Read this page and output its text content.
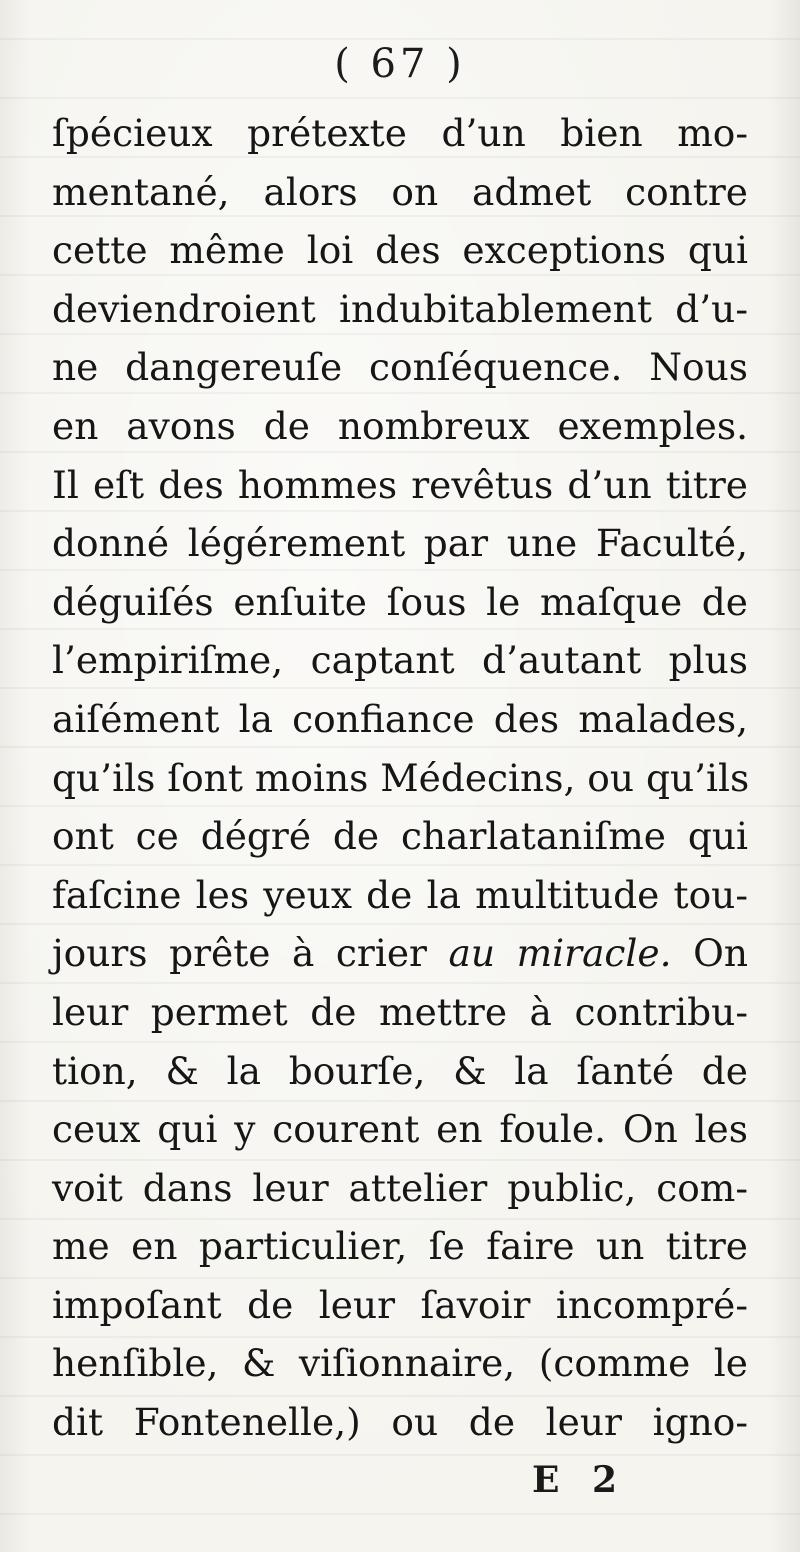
( 67 )
ſpécieux prétexte d’un bien mo-
mentané, alors on admet contre
cette même loi des exceptions qui
deviendroient indubitablement d’u-
ne dangereuſe conſéquence. Nous
en avons de nombreux exemples.
Il eſt des hommes revêtus d’un titre
donné légérement par une Faculté,
déguiſés enſuite ſous le maſque de
l’empiriſme, captant d’autant plus
aiſément la confiance des malades,
qu’ils ſont moins Médecins, ou qu’ils
ont ce dégré de charlataniſme qui
faſcine les yeux de la multitude tou-
jours prête à crier au miracle. On
leur permet de mettre à contribu-
tion, & la bourſe, & la ſanté de
ceux qui y courent en foule. On les
voit dans leur attelier public, com-
me en particulier, ſe faire un titre
impoſant de leur ſavoir incompré-
henſible, & viſionnaire, (comme le
dit Fontenelle,) ou de leur igno-
E 2
